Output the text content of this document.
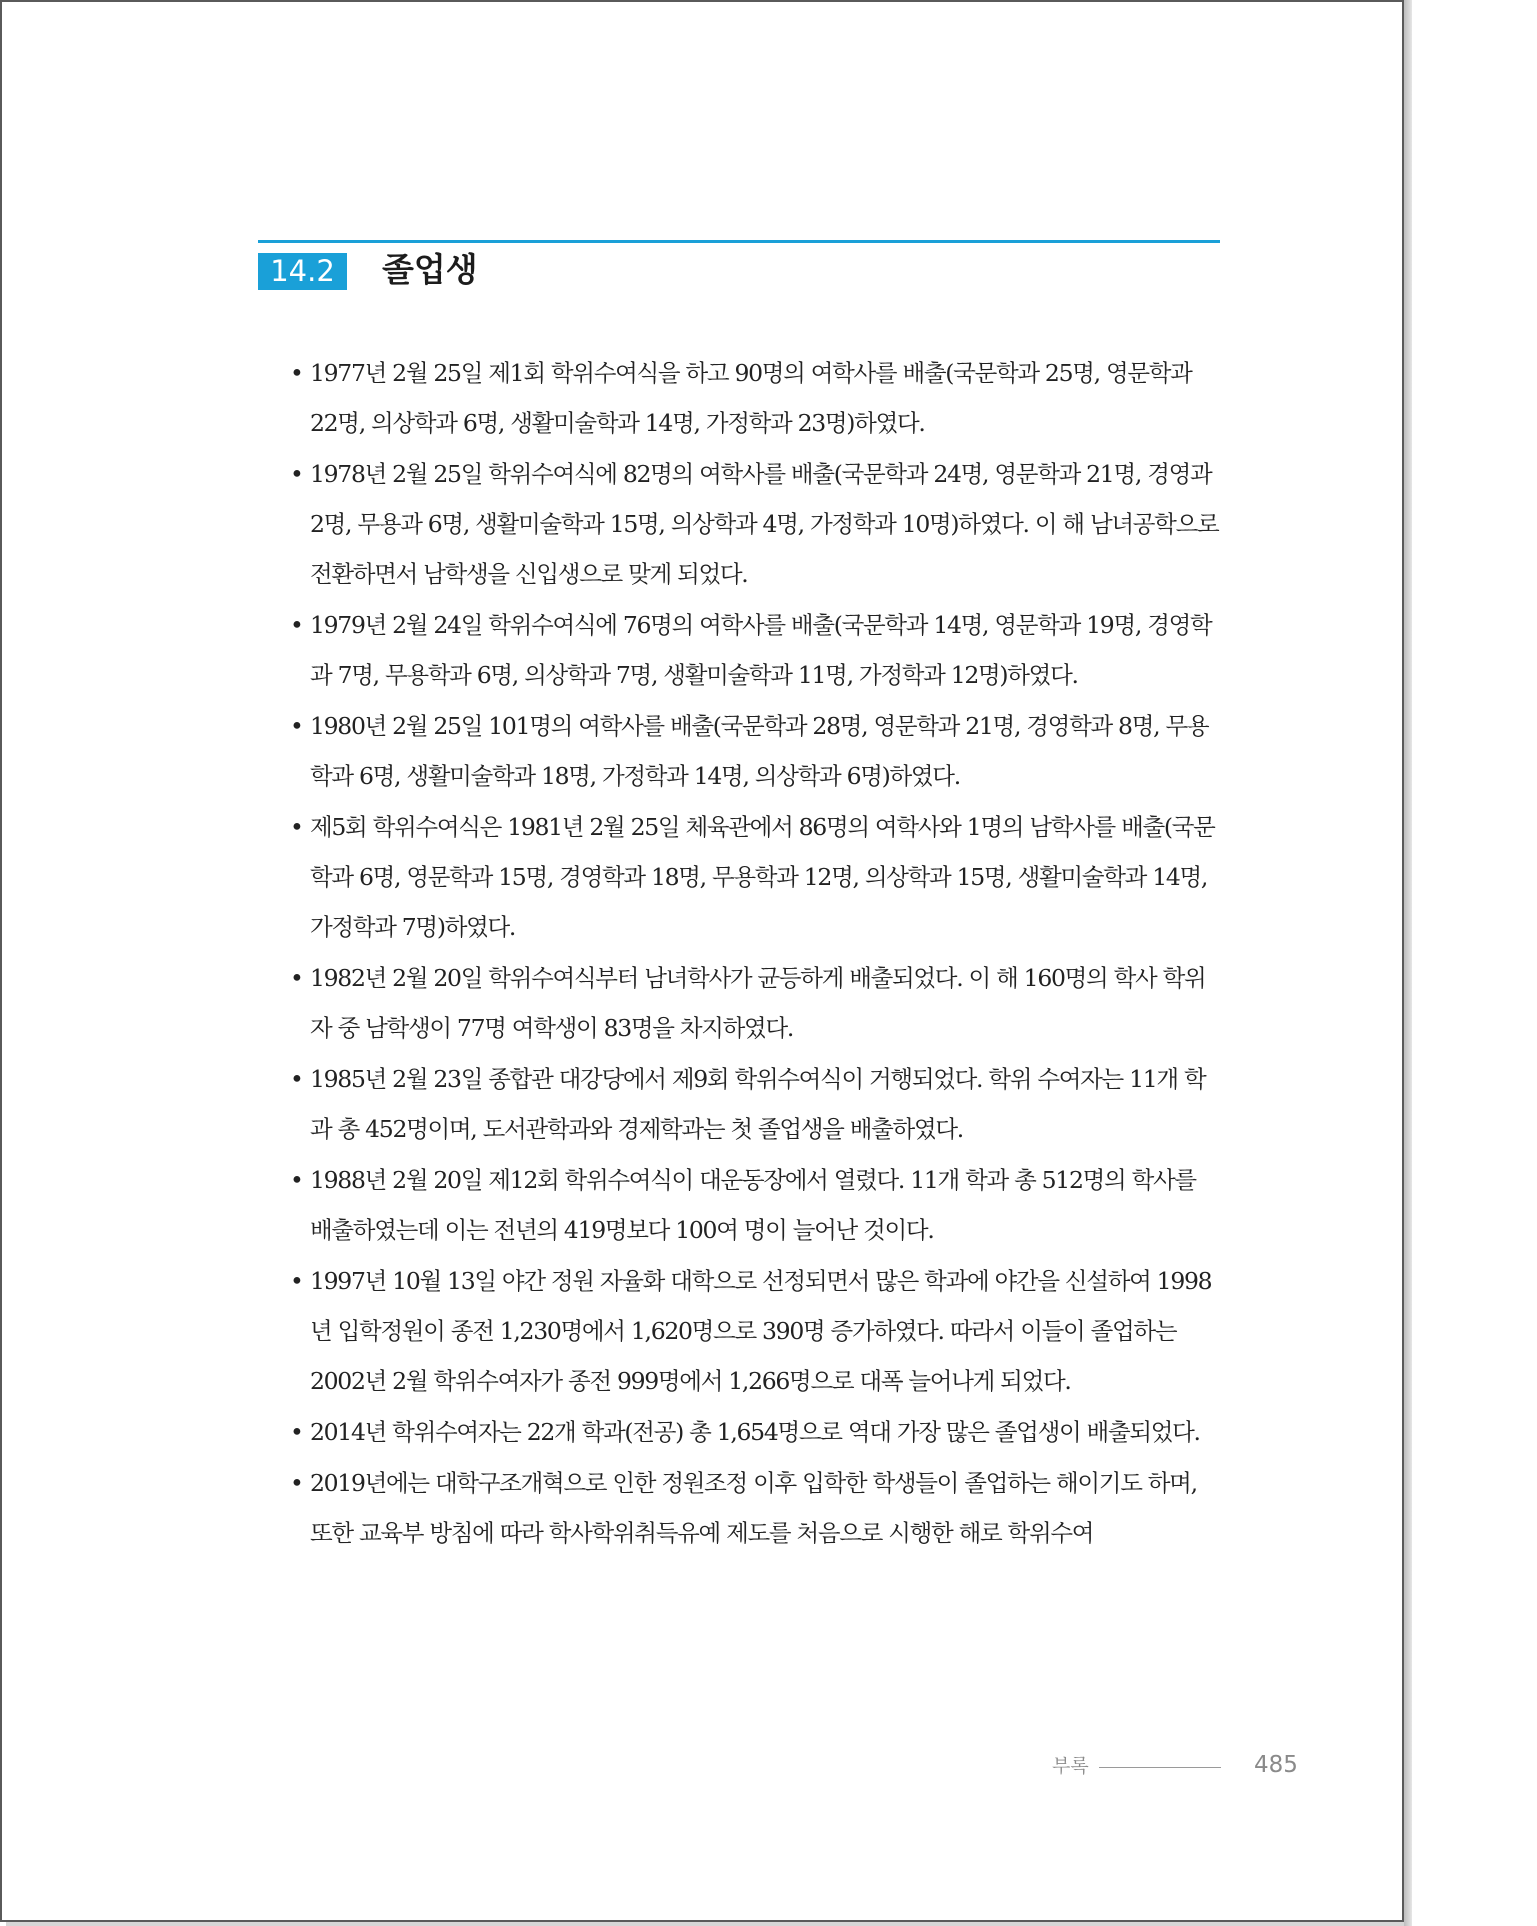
14.2	졸업생
• 1977년 2월 25일 제1회 학위수여식을 하고 90명의 여학사를 배출(국문학과 25명, 영문학과 22명, 의상학과 6명, 생활미술학과 14명, 가정학과 23명)하였다.
• 1978년 2월 25일 학위수여식에 82명의 여학사를 배출(국문학과 24명, 영문학과 21명, 경영과 2명, 무용과 6명, 생활미술학과 15명, 의상학과 4명, 가정학과 10명)하였다. 이 해 남녀공학으로 전환하면서 남학생을 신입생으로 맞게 되었다.
• 1979년 2월 24일 학위수여식에 76명의 여학사를 배출(국문학과 14명, 영문학과 19명, 경영학과 7명, 무용학과 6명, 의상학과 7명, 생활미술학과 11명, 가정학과 12명)하였다.
• 1980년 2월 25일 101명의 여학사를 배출(국문학과 28명, 영문학과 21명, 경영학과 8명, 무용학과 6명, 생활미술학과 18명, 가정학과 14명, 의상학과 6명)하였다.
• 제5회 학위수여식은 1981년 2월 25일 체육관에서 86명의 여학사와 1명의 남학사를 배출(국문학과 6명, 영문학과 15명, 경영학과 18명, 무용학과 12명, 의상학과 15명, 생활미술학과 14명, 가정학과 7명)하였다.
• 1982년 2월 20일 학위수여식부터 남녀학사가 균등하게 배출되었다. 이 해 160명의 학사 학위자 중 남학생이 77명 여학생이 83명을 차지하였다.
• 1985년 2월 23일 종합관 대강당에서 제9회 학위수여식이 거행되었다. 학위 수여자는 11개 학과 총 452명이며, 도서관학과와 경제학과는 첫 졸업생을 배출하였다.
• 1988년 2월 20일 제12회 학위수여식이 대운동장에서 열렸다. 11개 학과 총 512명의 학사를 배출하였는데 이는 전년의 419명보다 100여 명이 늘어난 것이다.
• 1997년 10월 13일 야간 정원 자율화 대학으로 선정되면서 많은 학과에 야간을 신설하여 1998년 입학정원이 종전 1,230명에서 1,620명으로 390명 증가하였다. 따라서 이들이 졸업하는 2002년 2월 학위수여자가 종전 999명에서 1,266명으로 대폭 늘어나게 되었다.
• 2014년 학위수여자는 22개 학과(전공) 총 1,654명으로 역대 가장 많은 졸업생이 배출되었다.
• 2019년에는 대학구조개혁으로 인한 정원조정 이후 입학한 학생들이 졸업하는 해이기도 하며, 또한 교육부 방침에 따라 학사학위취득유예 제도를 처음으로 시행한 해로 학위수여
부록	485
